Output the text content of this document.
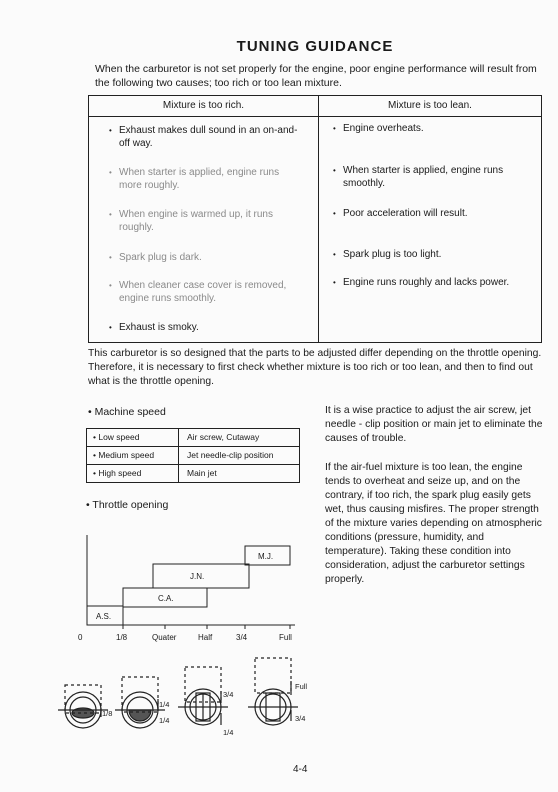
TUNING GUIDANCE
When the carburetor is not set properly for the engine, poor engine performance will result from the following two causes; too rich or too lean mixture.
Mixture is too rich.	Mixture is too lean.
• Exhaust makes dull sound in an on-and-off way.
• When starter is applied, engine runs more roughly.
• When engine is warmed up, it runs roughly.
• Spark plug is dark.
• When cleaner case cover is removed, engine runs smoothly.
• Exhaust is smoky.
• Engine overheats.
• When starter is applied, engine runs smoothly.
• Poor acceleration will result.
• Spark plug is too light.
• Engine runs roughly and lacks power.
This carburetor is so designed that the parts to be adjusted differ depending on the throttle opening. Therefore, it is necessary to first check whether mixture is too rich or too lean, and then to find out what is the throttle opening.
• Machine speed
• Low speed	Air screw, Cutaway
• Medium speed	Jet needle-clip position
• High speed	Main jet
• Throttle opening
A.S.
C.A.
J.N.
M.J.
0	1/8	Quater	Half	3/4	Full
1/8
1/4
1/4
3/4
1/4
Full
3/4
It is a wise practice to adjust the air screw, jet needle - clip position or main jet to eliminate the causes of trouble.
If the air-fuel mixture is too lean, the engine tends to overheat and seize up, and on the contrary, if too rich, the spark plug easily gets wet, thus causing misfires. The proper strength of the mixture varies depending on atmospheric conditions (pressure, humidity, and temperature). Taking these condition into consideration, adjust the carburetor settings properly.
4-4
